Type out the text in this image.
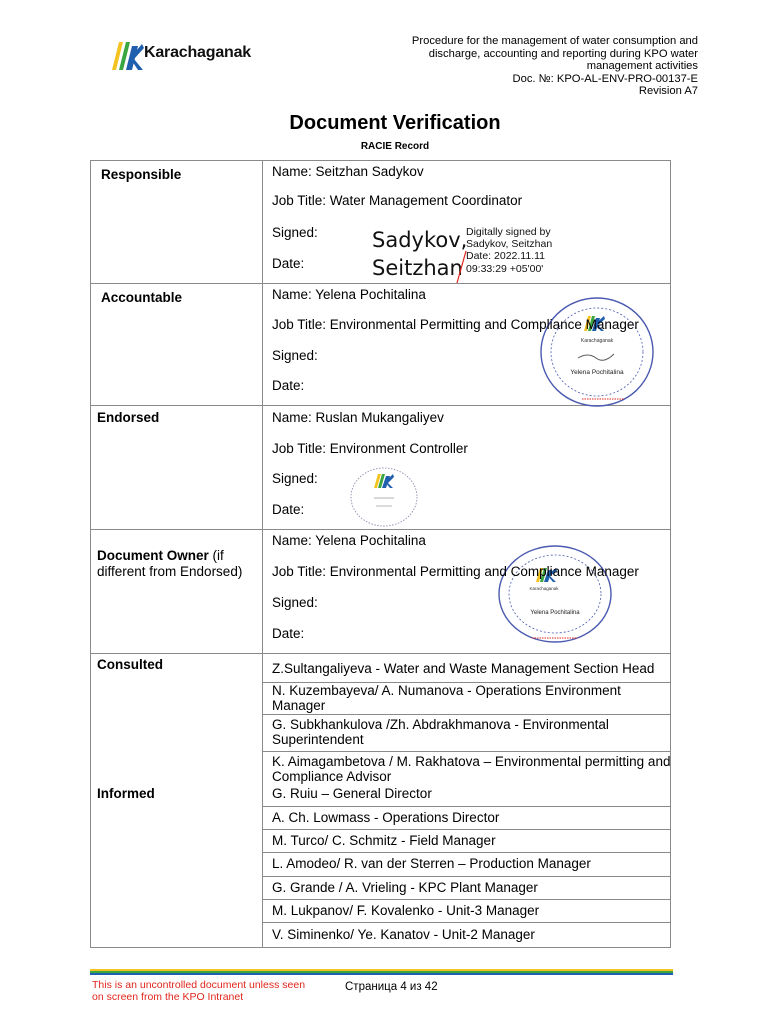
Karachaganak
Procedure for the management of water consumption and
discharge, accounting and reporting during KPO water
management activities
Doc. №: KPO-AL-ENV-PRO-00137-E
Revision A7
Document Verification
RACIE Record
Responsible
Accountable
Endorsed
Document Owner (if
different from Endorsed)
Consulted
Informed
Name: Seitzhan Sadykov
Job Title: Water Management Coordinator
Signed:
Date:
Sadykov,
Seitzhan
Digitally signed by
Sadykov, Seitzhan
Date: 2022.11.11
09:33:29 +05'00'
Karachaganak
Yelena Pochitalina
Name: Yelena Pochitalina
Job Title: Environmental Permitting and Compliance Manager
Signed:
Date:
Name: Ruslan Mukangaliyev
Job Title: Environment Controller
Signed:
Date:
Karachaganak
Yelena Pochitalina
Name: Yelena Pochitalina
Job Title: Environmental Permitting and Compliance Manager
Signed:
Date:
Z.Sultangaliyeva - Water and Waste Management Section Head
N. Kuzembayeva/ A. Numanova - Operations Environment Manager
G. Subkhankulova /Zh. Abdrakhmanova - Environmental Superintendent
K. Aimagambetova / M. Rakhatova – Environmental permitting and Compliance Advisor
G. Ruiu – General Director
A. Ch. Lowmass - Operations Director
M. Turco/ C. Schmitz - Field Manager
L. Amodeo/ R. van der Sterren – Production Manager
G. Grande / A. Vrieling - KPC Plant Manager
M. Lukpanov/ F. Kovalenko - Unit-3 Manager
V. Siminenko/ Ye. Kanatov - Unit-2 Manager
This is an uncontrolled document unless seen
on screen from the KPO Intranet
Страница 4 из 42
